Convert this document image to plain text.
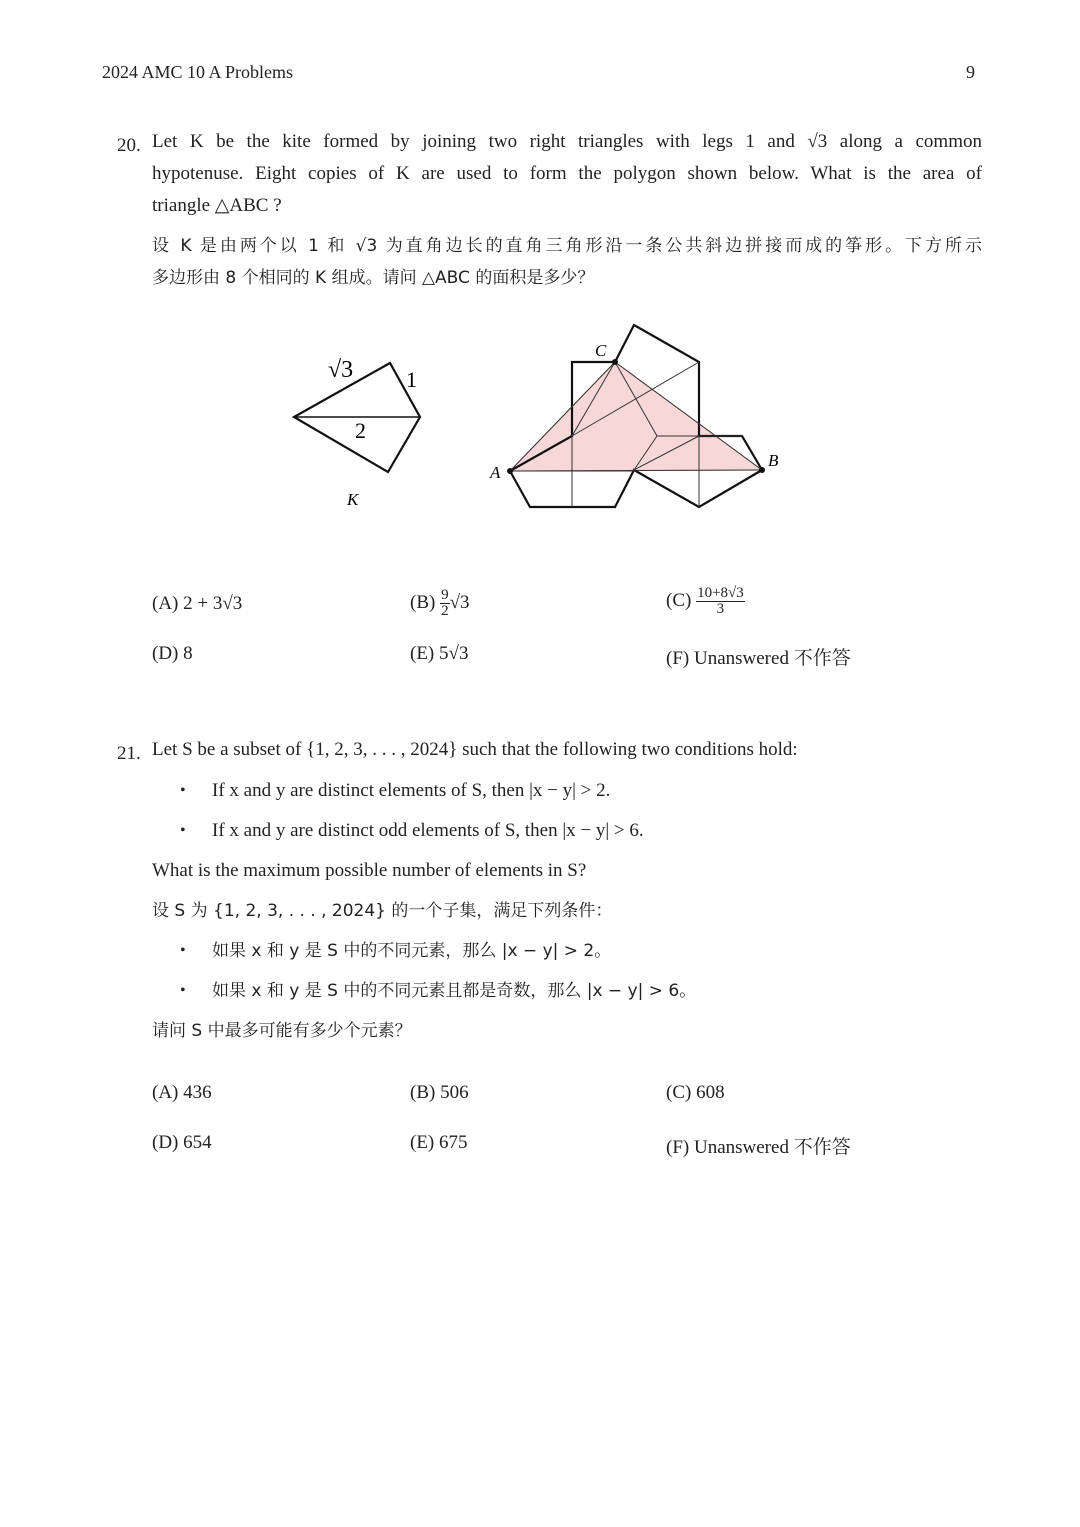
2024 AMC 10 A Problems	9
20. Let K be the kite formed by joining two right triangles with legs 1 and √3 along a common
hypotenuse. Eight copies of K are used to form the polygon shown below. What is the area of
triangle △ABC ?
设 K 是由两个以 1 和 √3 为直角边长的直角三角形沿一条公共斜边拼接而成的筝形。下方所示
多边形由 8 个相同的 K 组成。请问 △ABC 的面积是多少？
√3 1
2
K
A
B
C
(A) 2 + 3√3	$(B) \frac{9}{2} √3$	$(C) \frac{10+8√3}{3}$
(D) 8	(E) 5√3	(F) Unanswered 不作答
21. Let S be a subset of {1, 2, 3, . . . , 2024} such that the following two conditions hold:
• If x and y are distinct elements of S, then |x − y| > 2.
• If x and y are distinct odd elements of S, then |x − y| > 6.
What is the maximum possible number of elements in S?
设 S 为 {1, 2, 3, . . . , 2024} 的一个子集，满足下列条件：
• 如果 x 和 y 是 S 中的不同元素，那么 |x − y| > 2。
• 如果 x 和 y 是 S 中的不同元素且都是奇数，那么 |x − y| > 6。
请问 S 中最多可能有多少个元素？
(A) 436	(B) 506	(C) 608
(D) 654	(E) 675	(F) Unanswered 不作答
